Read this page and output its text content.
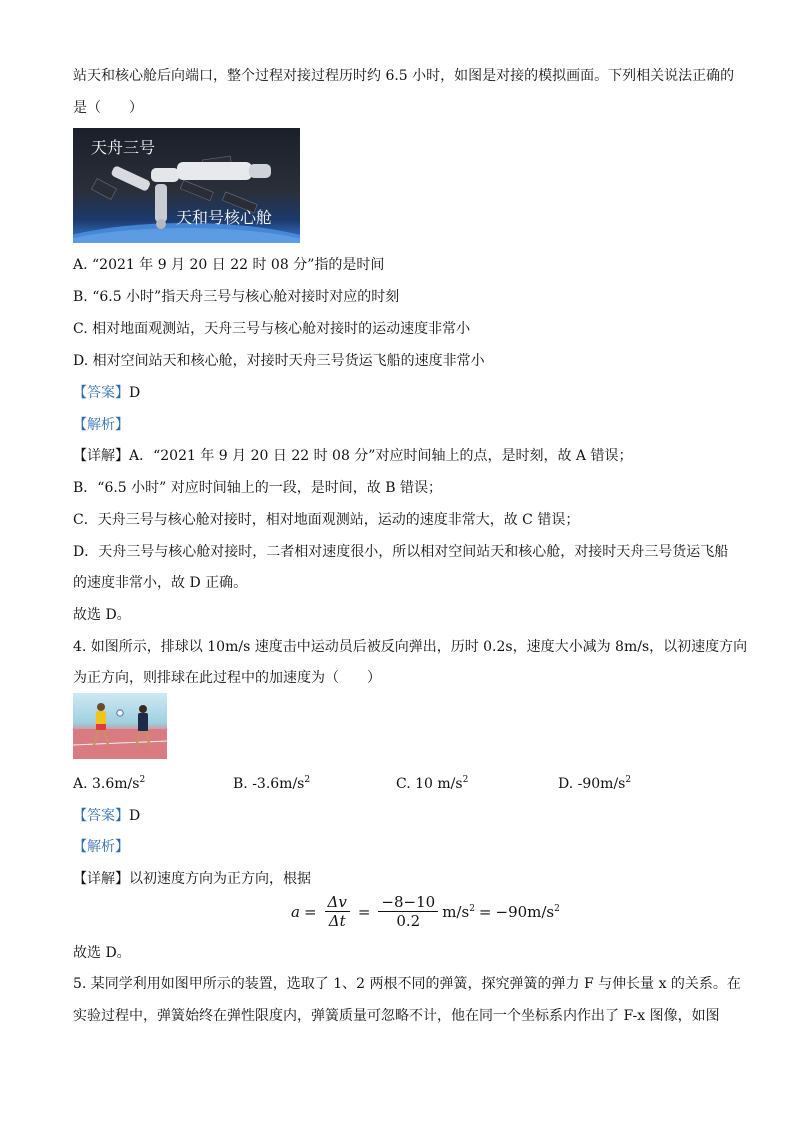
站天和核心舱后向端口，整个过程对接过程历时约 6.5 小时，如图是对接的模拟画面。下列相关说法正确的
是（　　）
天舟三号
天和号核心舱
A. “2021 年 9 月 20 日 22 时 08 分”指的是时间
B. “6.5 小时”指天舟三号与核心舱对接时对应的时刻
C. 相对地面观测站，天舟三号与核心舱对接时的运动速度非常小
D. 相对空间站天和核心舱，对接时天舟三号货运飞船的速度非常小
【答案】D
【解析】
【详解】A．“2021 年 9 月 20 日 22 时 08 分”对应时间轴上的点，是时刻，故 A 错误；
B．“6.5 小时” 对应时间轴上的一段，是时间，故 B 错误；
C．天舟三号与核心舱对接时，相对地面观测站，运动的速度非常大，故 C 错误；
D．天舟三号与核心舱对接时，二者相对速度很小，所以相对空间站天和核心舱，对接时天舟三号货运飞船
的速度非常小，故 D 正确。
故选 D。
4. 如图所示，排球以 10m/s 速度击中运动员后被反向弹出，历时 0.2s，速度大小减为 8m/s，以初速度方向
为正方向，则排球在此过程中的加速度为（　　）
A. $3.6m/s^2$	B. $-3.6m/s^2$	C. 10 $m/s^2$	D. $-90m/s^2$
【答案】D
【解析】
【详解】以初速度方向为正方向，根据
$a = \frac{\Delta v}{\Delta t} = \frac{-8-10}{0.2} m/s^2 = -90m/s^2$
故选 D。
5. 某同学利用如图甲所示的装置，选取了 1、2 两根不同的弹簧，探究弹簧的弹力 F 与伸长量 x 的关系。在
实验过程中，弹簧始终在弹性限度内，弹簧质量可忽略不计，他在同一个坐标系内作出了 F-x 图像，如图
